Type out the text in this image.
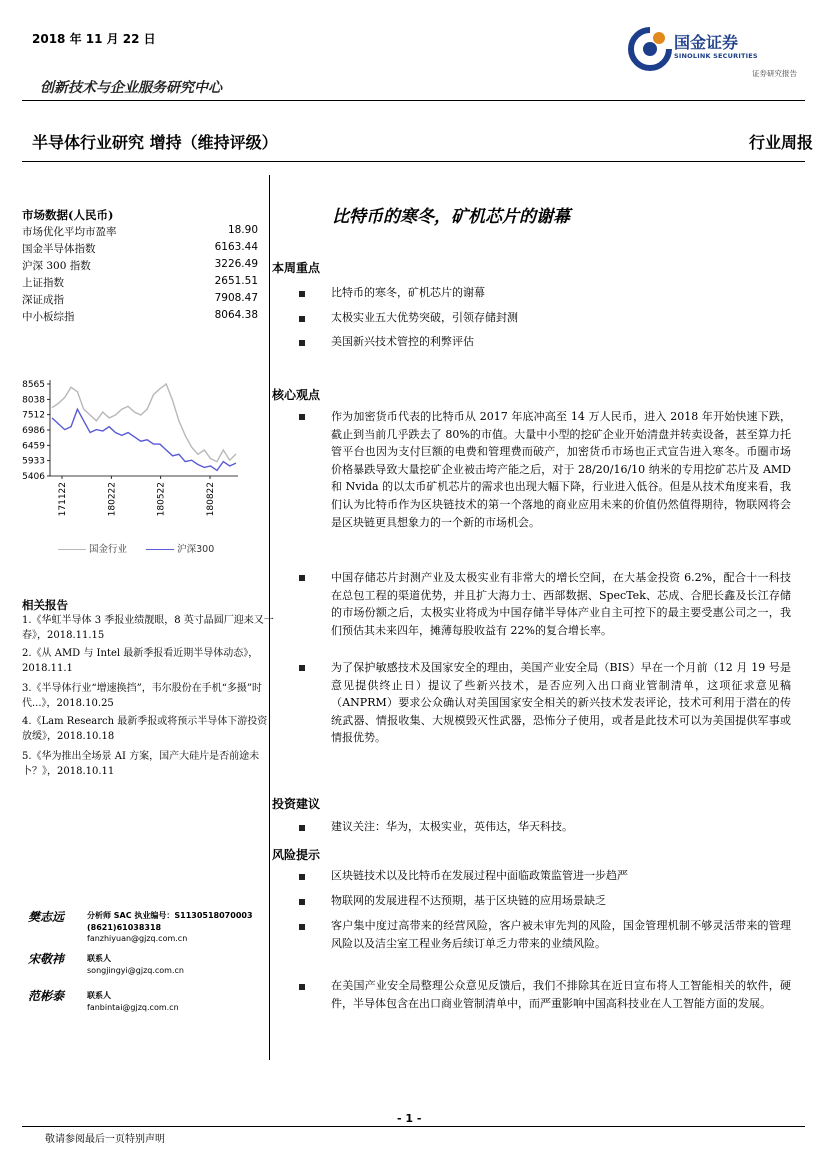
2018 年 11 月 22 日
创新技术与企业服务研究中心
半导体行业研究 增持（维持评级）	行业周报
国金证券
SINOLINK SECURITIES
证券研究报告
市场数据(人民币)
市场优化平均市盈率	18.90
国金半导体指数	6163.44
沪深 300 指数	3226.49
上证指数	2651.51
深证成指	7908.47
中小板综指	8064.38
8565
8038
7512
6986
6459
5933
5406
171122	180222	180522	180822
国金行业	沪深300
相关报告
1.《华虹半导体 3 季报业绩靓眼，8 英寸晶圆厂迎来又一春》，2018.11.15
2.《从 AMD 与 Intel 最新季报看近期半导体动态》，2018.11.1
3.《半导体行业“增速换挡”，韦尔股份在手机“多摄”时代...》，2018.10.25
4.《Lam Research 最新季报或将预示半导体下游投资放缓》，2018.10.18
5.《华为推出全场景 AI 方案，国产大硅片是否前途未卜？》，2018.10.11
樊志远	分析师 SAC 执业编号：S1130518070003
(8621)61038318
fanzhiyuan@gjzq.com.cn
宋敬祎	联系人
songjingyi@gjzq.com.cn
范彬泰	联系人
fanbintai@gjzq.com.cn
比特币的寒冬，矿机芯片的谢幕
本周重点
比特币的寒冬，矿机芯片的谢幕
太极实业五大优势突破，引领存储封测
美国新兴技术管控的利弊评估
核心观点
作为加密货币代表的比特币从 2017 年底冲高至 14 万人民币，进入 2018 年开始快速下跌，截止到当前几乎跌去了 80%的市值。大量中小型的挖矿企业开始清盘并转卖设备，甚至算力托管平台也因为支付巨额的电费和管理费而破产，加密货币市场也正式宣告进入寒冬。币圈市场价格暴跌导致大量挖矿企业被击垮产能之后，对于 28/20/16/10 纳米的专用挖矿芯片及 AMD 和 Nvida 的以太币矿机芯片的需求也出现大幅下降，行业进入低谷。但是从技术角度来看，我们认为比特币作为区块链技术的第一个落地的商业应用未来的价值仍然值得期待，物联网将会是区块链更具想象力的一个新的市场机会。
中国存储芯片封测产业及太极实业有非常大的增长空间，在大基金投资 6.2%，配合十一科技在总包工程的渠道优势，并且扩大海力士、西部数据、SpecTek、芯成、合肥长鑫及长江存储的市场份额之后，太极实业将成为中国存储半导体产业自主可控下的最主要受惠公司之一，我们预估其未来四年，摊薄每股收益有 22%的复合增长率。
为了保护敏感技术及国家安全的理由，美国产业安全局（BIS）早在一个月前（12 月 19 号是意见提供终止日）提议了些新兴技术，是否应列入出口商业管制清单，这项征求意见稿（ANPRM）要求公众确认对美国国家安全相关的新兴技术发表评论，技术可利用于潜在的传统武器、情报收集、大规模毁灭性武器，恐怖分子使用，或者是此技术可以为美国提供军事或情报优势。
投资建议
建议关注：华为，太极实业，英伟达，华天科技。
风险提示
区块链技术以及比特币在发展过程中面临政策监管进一步趋严
物联网的发展进程不达预期，基于区块链的应用场景缺乏
客户集中度过高带来的经营风险，客户被未审先判的风险，国金管理机制不够灵活带来的管理风险以及洁尘室工程业务后续订单乏力带来的业绩风险。
在美国产业安全局整理公众意见反馈后，我们不排除其在近日宣布将人工智能相关的软件，硬件，半导体包含在出口商业管制清单中，而严重影响中国高科技业在人工智能方面的发展。
- 1 -
敬请参阅最后一页特别声明
